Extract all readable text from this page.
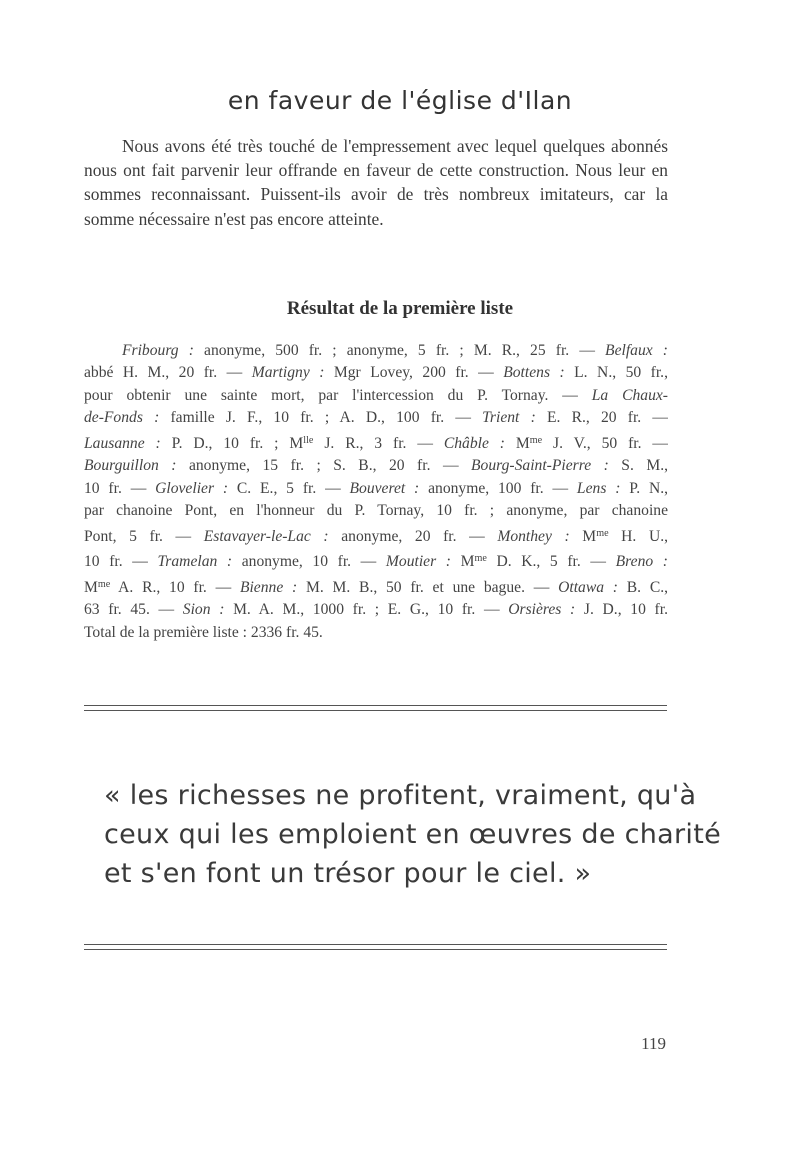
en faveur de l'église d'Ilan

Nous avons été très touché de l'empressement avec lequel quelques abonnés nous ont fait parvenir leur offrande en faveur de cette construction. Nous leur en sommes reconnaissant. Puissent-ils avoir de très nombreux imitateurs, car la somme nécessaire n'est pas encore atteinte.

Résultat de la première liste
Fribourg : anonyme, 500 fr. ; anonyme, 5 fr. ; M. R., 25 fr. — Belfaux :
abbé H. M., 20 fr. — Martigny : Mgr Lovey, 200 fr. — Bottens : L. N., 50 fr.,
pour obtenir une sainte mort, par l'intercession du P. Tornay. — La Chaux-
de-Fonds : famille J. F., 10 fr. ; A. D., 100 fr. — Trient : E. R., 20 fr. —
Lausanne : P. D., 10 fr. ; $M^{lle}$ J. R., 3 fr. — Châble : $M^{me}$ J. V., 50 fr. —
Bourguillon : anonyme, 15 fr. ; S. B., 20 fr. — Bourg-Saint-Pierre : S. M.,
10 fr. — Glovelier : C. E., 5 fr. — Bouveret : anonyme, 100 fr. — Lens : P. N.,
par chanoine Pont, en l'honneur du P. Tornay, 10 fr. ; anonyme, par chanoine
Pont, 5 fr. — Estavayer-le-Lac : anonyme, 20 fr. — Monthey : $M^{me}$ H. U.,
10 fr. — Tramelan : anonyme, 10 fr. — Moutier : $M^{me}$ D. K., 5 fr. — Breno :
$M^{me}$ A. R., 10 fr. — Bienne : M. M. B., 50 fr. et une bague. — Ottawa : B. C.,
63 fr. 45. — Sion : M. A. M., 1000 fr. ; E. G., 10 fr. — Orsières : J. D., 10 fr.
Total de la première liste : 2336 fr. 45.
« les richesses ne profitent, vraiment, qu'à
ceux qui les emploient en œuvres de charité
et s'en font un trésor pour le ciel. »
119
